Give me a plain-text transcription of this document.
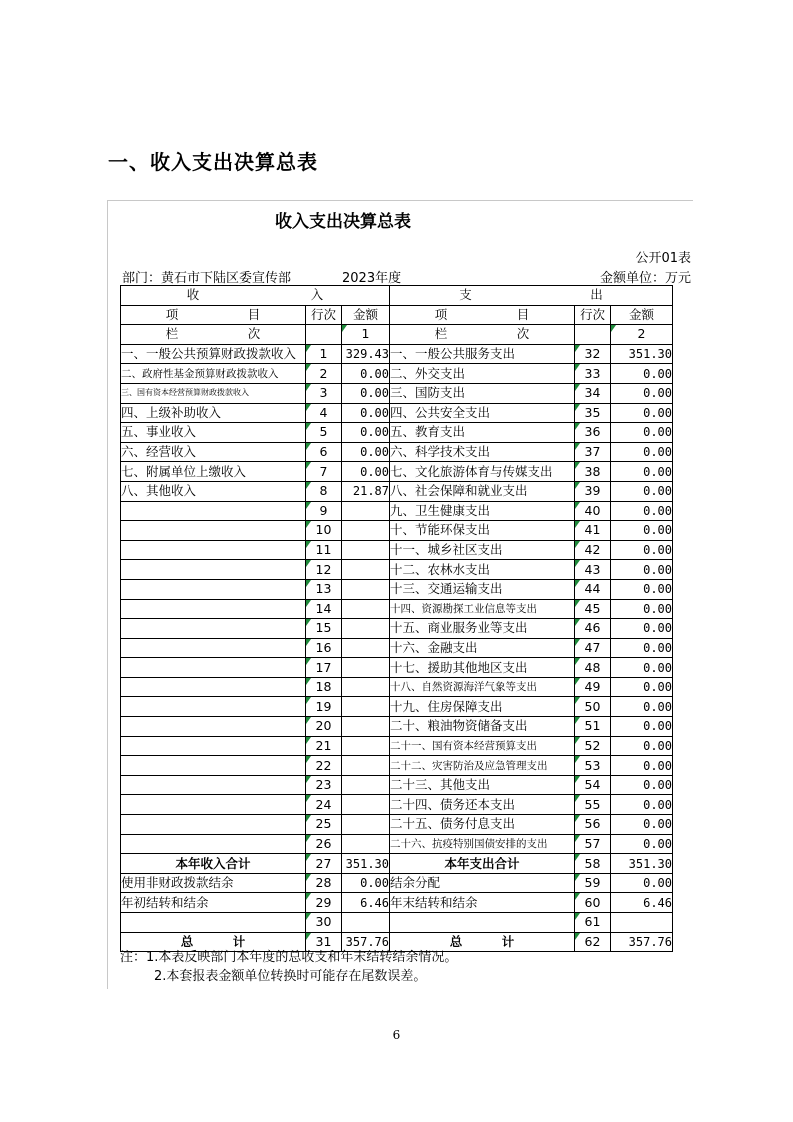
一、收入支出决算总表
收入支出决算总表
公开01表
部门：黄石市下陆区委宣传部	2023年度	金额单位：万元
收 入			支 出		

项 目	行次	金额	项 目	行次	金额

栏 次		1	栏 次		2
一、一般公共预算财政拨款收入	1	329.43	一、一般公共服务支出	32	351.30
二、政府性基金预算财政拨款收入	2	0.00	二、外交支出	33	0.00
三、国有资本经营预算财政拨款收入	3	0.00	三、国防支出	34	0.00
四、上级补助收入	4	0.00	四、公共安全支出	35	0.00
五、事业收入	5	0.00	五、教育支出	36	0.00
六、经营收入	6	0.00	六、科学技术支出	37	0.00
七、附属单位上缴收入	7	0.00	七、文化旅游体育与传媒支出	38	0.00
八、其他收入	8	21.87	八、社会保障和就业支出	39	0.00
	9		九、卫生健康支出	40	0.00
	10		十、节能环保支出	41	0.00
	11		十一、城乡社区支出	42	0.00
	12		十二、农林水支出	43	0.00
	13		十三、交通运输支出	44	0.00
	14		十四、资源勘探工业信息等支出	45	0.00
	15		十五、商业服务业等支出	46	0.00
	16		十六、金融支出	47	0.00
	17		十七、援助其他地区支出	48	0.00
	18		十八、自然资源海洋气象等支出	49	0.00
	19		十九、住房保障支出	50	0.00
	20		二十、粮油物资储备支出	51	0.00
	21		二十一、国有资本经营预算支出	52	0.00
	22		二十二、灾害防治及应急管理支出	53	0.00
	23		二十三、其他支出	54	0.00
	24		二十四、债务还本支出	55	0.00
	25		二十五、债务付息支出	56	0.00
	26		二十六、抗疫特别国债安排的支出	57	0.00
本年收入合计	27	351.30	本年支出合计	58	351.30
使用非财政拨款结余	28	0.00	结余分配	59	0.00
年初结转和结余	29	6.46	年末结转和结余	60	6.46
	30			61	

总 计	31	357.76	总 计	62	357.76
注：1.本表反映部门本年度的总收支和年末结转结余情况。
2.本套报表金额单位转换时可能存在尾数误差。
6
